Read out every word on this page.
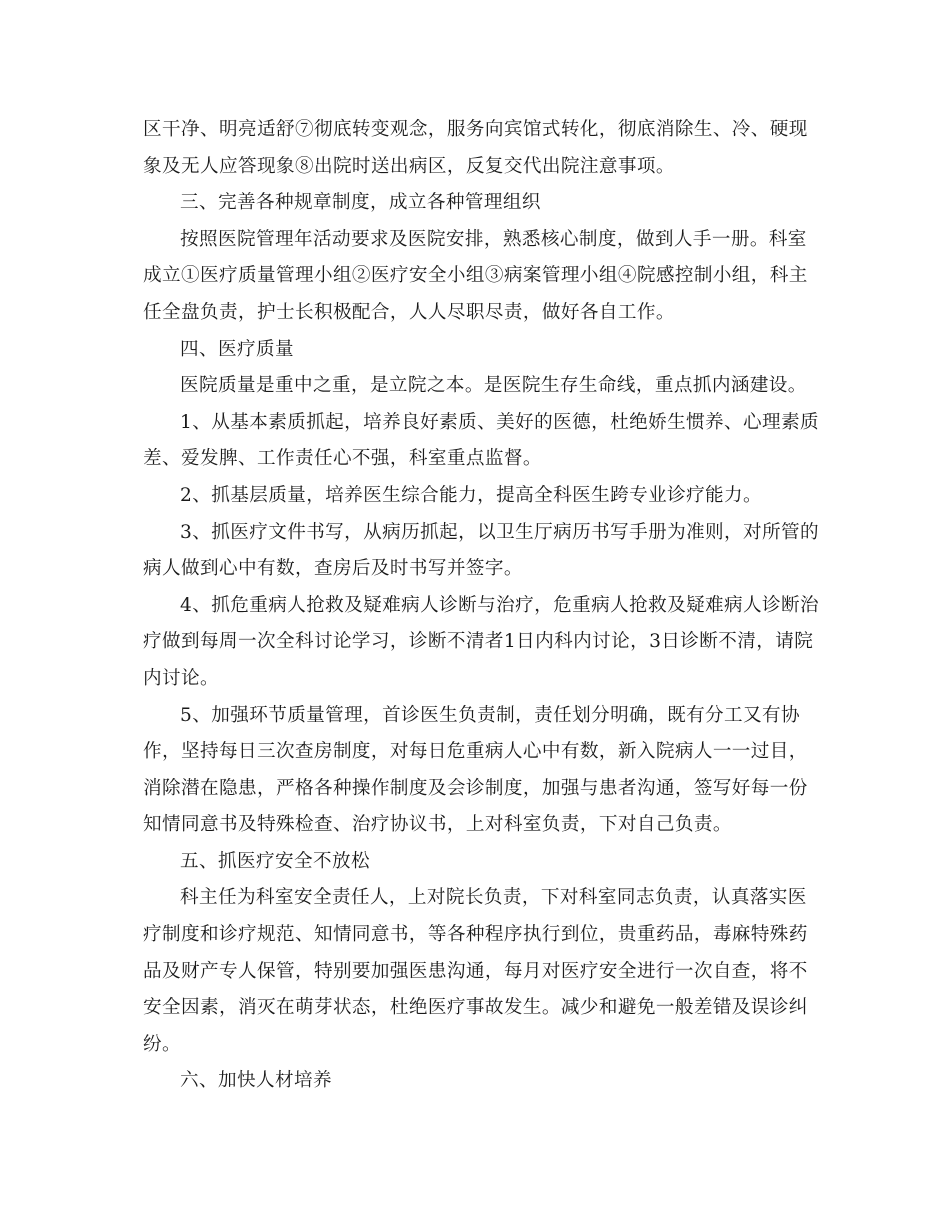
区干净、明亮适舒⑦彻底转变观念，服务向宾馆式转化，彻底消除生、冷、硬现
象及无人应答现象⑧出院时送出病区，反复交代出院注意事项。
三、完善各种规章制度，成立各种管理组织
按照医院管理年活动要求及医院安排，熟悉核心制度，做到人手一册。科室
成立①医疗质量管理小组②医疗安全小组③病案管理小组④院感控制小组，科主
任全盘负责，护士长积极配合，人人尽职尽责，做好各自工作。
四、医疗质量
医院质量是重中之重，是立院之本。是医院生存生命线，重点抓内涵建设。
1、从基本素质抓起，培养良好素质、美好的医德，杜绝娇生惯养、心理素质
差、爱发脾、工作责任心不强，科室重点监督。
2、抓基层质量，培养医生综合能力，提高全科医生跨专业诊疗能力。
3、抓医疗文件书写，从病历抓起，以卫生厅病历书写手册为准则，对所管的
病人做到心中有数，查房后及时书写并签字。
4、抓危重病人抢救及疑难病人诊断与治疗，危重病人抢救及疑难病人诊断治
疗做到每周一次全科讨论学习，诊断不清者1日内科内讨论，3日诊断不清，请院
内讨论。
5、加强环节质量管理，首诊医生负责制，责任划分明确，既有分工又有协
作，坚持每日三次查房制度，对每日危重病人心中有数，新入院病人一一过目，
消除潜在隐患，严格各种操作制度及会诊制度，加强与患者沟通，签写好每一份
知情同意书及特殊检查、治疗协议书，上对科室负责，下对自己负责。
五、抓医疗安全不放松
科主任为科室安全责任人，上对院长负责，下对科室同志负责，认真落实医
疗制度和诊疗规范、知情同意书，等各种程序执行到位，贵重药品，毒麻特殊药
品及财产专人保管，特别要加强医患沟通，每月对医疗安全进行一次自查，将不
安全因素，消灭在萌芽状态，杜绝医疗事故发生。减少和避免一般差错及误诊纠
纷。
六、加快人材培养
